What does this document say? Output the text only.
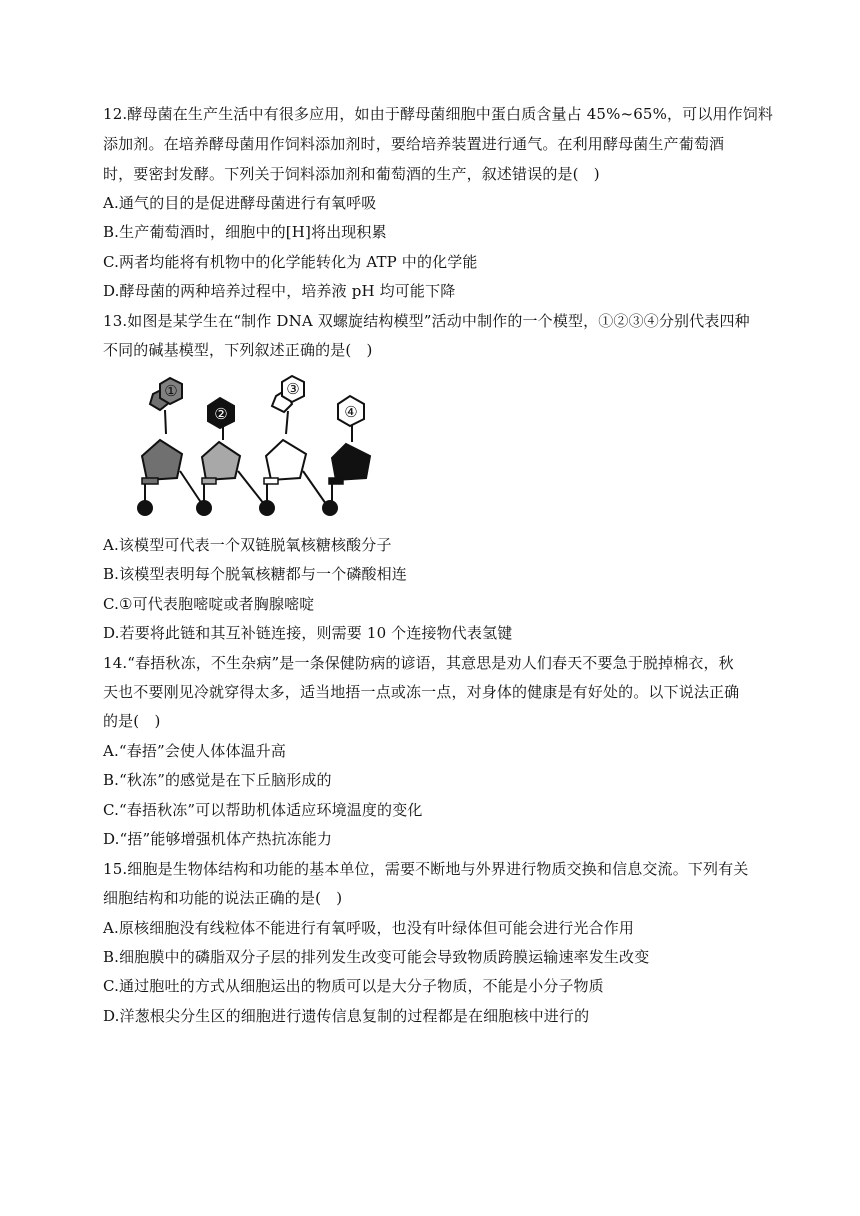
12.酵母菌在生产生活中有很多应用，如由于酵母菌细胞中蛋白质含量占 45%~65%，可以用作饲料
添加剂。在培养酵母菌用作饲料添加剂时，要给培养装置进行通气。在利用酵母菌生产葡萄酒
时，要密封发酵。下列关于饲料添加剂和葡萄酒的生产，叙述错误的是(　)
A.通气的目的是促进酵母菌进行有氧呼吸
B.生产葡萄酒时，细胞中的[H]将出现积累
C.两者均能将有机物中的化学能转化为 ATP 中的化学能
D.酵母菌的两种培养过程中，培养液 pH 均可能下降
13.如图是某学生在“制作 DNA 双螺旋结构模型”活动中制作的一个模型，①②③④分别代表四种
不同的碱基模型，下列叙述正确的是(　)
①
②
③
④
A.该模型可代表一个双链脱氧核糖核酸分子
B.该模型表明每个脱氧核糖都与一个磷酸相连
C.①可代表胞嘧啶或者胸腺嘧啶
D.若要将此链和其互补链连接，则需要 10 个连接物代表氢键
14.“春捂秋冻，不生杂病”是一条保健防病的谚语，其意思是劝人们春天不要急于脱掉棉衣，秋
天也不要刚见冷就穿得太多，适当地捂一点或冻一点，对身体的健康是有好处的。以下说法正确
的是(　)
A.“春捂”会使人体体温升高
B.“秋冻”的感觉是在下丘脑形成的
C.“春捂秋冻”可以帮助机体适应环境温度的变化
D.“捂”能够增强机体产热抗冻能力
15.细胞是生物体结构和功能的基本单位，需要不断地与外界进行物质交换和信息交流。下列有关
细胞结构和功能的说法正确的是(　)
A.原核细胞没有线粒体不能进行有氧呼吸，也没有叶绿体但可能会进行光合作用
B.细胞膜中的磷脂双分子层的排列发生改变可能会导致物质跨膜运输速率发生改变
C.通过胞吐的方式从细胞运出的物质可以是大分子物质，不能是小分子物质
D.洋葱根尖分生区的细胞进行遗传信息复制的过程都是在细胞核中进行的
